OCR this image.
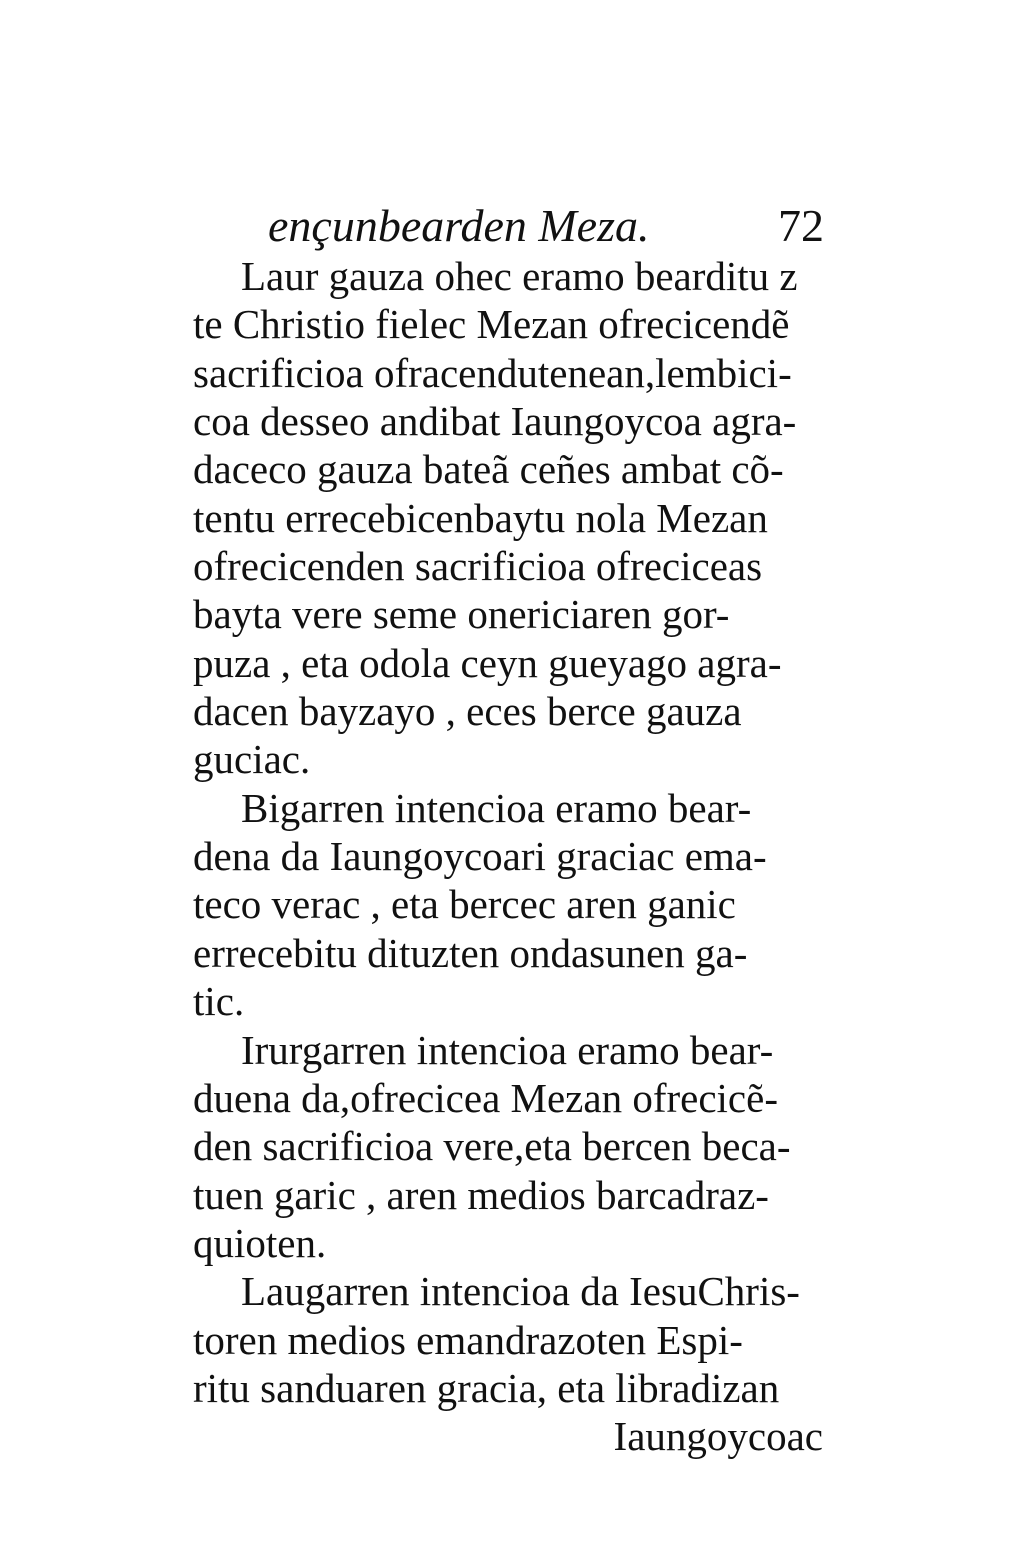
ençunbearden Meza.	72
Laur gauza ohec eramo bearditu z
te Christio fielec Mezan ofrecicendẽ
sacrificioa ofracendutenean,lembici-
coa desseo andibat Iaungoycoa agra-
daceco gauza bateã ceñes ambat cõ-
tentu errecebicenbaytu nola Mezan
ofrecicenden sacrificioa ofreciceas
bayta vere seme onericiaren gor-
puza , eta odola ceyn gueyago agra-
dacen bayzayo , eces berce gauza
guciac.
Bigarren intencioa eramo bear-
dena da Iaungoycoari graciac ema-
teco verac , eta bercec aren ganic
errecebitu dituzten ondasunen ga-
tic.
Irurgarren intencioa eramo bear-
duena da,ofrecicea Mezan ofrecicẽ-
den sacrificioa vere,eta bercen beca-
tuen garic , aren medios barcadraz-
quioten.
Laugarren intencioa da IesuChris-
toren medios emandrazoten Espi-
ritu sanduaren gracia, eta libradizan
Iaungoycoac
